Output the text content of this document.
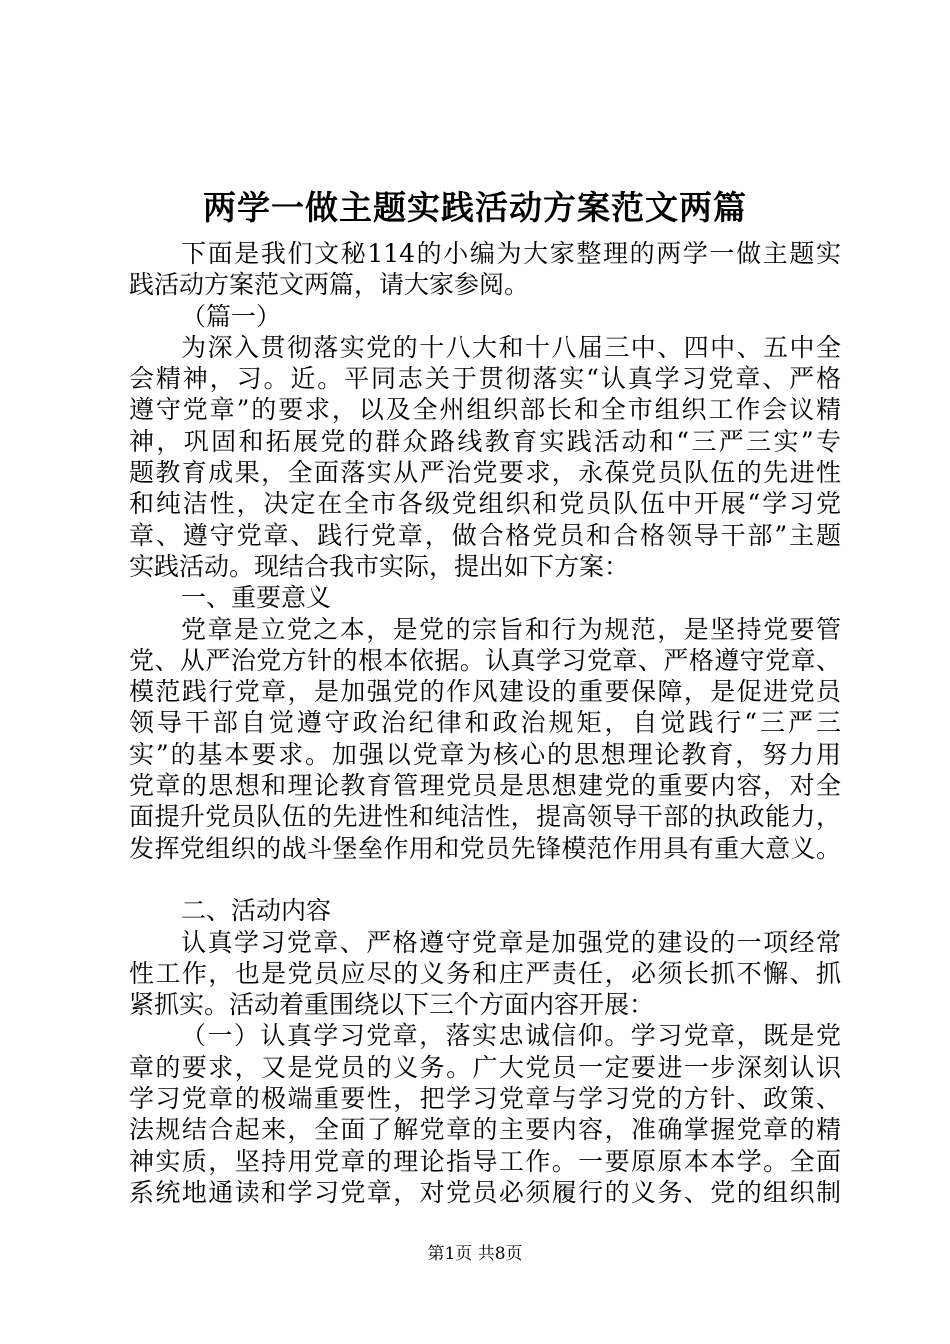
两学一做主题实践活动方案范文两篇
下面是我们文秘114的小编为大家整理的两学一做主题实
践活动方案范文两篇，请大家参阅。
（篇一）
为深入贯彻落实党的十八大和十八届三中、四中、五中全
会精神，习。近。平同志关于贯彻落实“认真学习党章、严格
遵守党章”的要求，以及全州组织部长和全市组织工作会议精
神，巩固和拓展党的群众路线教育实践活动和“三严三实”专
题教育成果，全面落实从严治党要求，永葆党员队伍的先进性
和纯洁性，决定在全市各级党组织和党员队伍中开展“学习党
章、遵守党章、践行党章，做合格党员和合格领导干部”主题
实践活动。现结合我市实际，提出如下方案：
一、重要意义
党章是立党之本，是党的宗旨和行为规范，是坚持党要管
党、从严治党方针的根本依据。认真学习党章、严格遵守党章、
模范践行党章，是加强党的作风建设的重要保障，是促进党员
领导干部自觉遵守政治纪律和政治规矩，自觉践行“三严三
实”的基本要求。加强以党章为核心的思想理论教育，努力用
党章的思想和理论教育管理党员是思想建党的重要内容，对全
面提升党员队伍的先进性和纯洁性，提高领导干部的执政能力，
发挥党组织的战斗堡垒作用和党员先锋模范作用具有重大意义。
二、活动内容
认真学习党章、严格遵守党章是加强党的建设的一项经常
性工作，也是党员应尽的义务和庄严责任，必须长抓不懈、抓
紧抓实。活动着重围绕以下三个方面内容开展：
（一）认真学习党章，落实忠诚信仰。学习党章，既是党
章的要求，又是党员的义务。广大党员一定要进一步深刻认识
学习党章的极端重要性，把学习党章与学习党的方针、政策、
法规结合起来，全面了解党章的主要内容，准确掌握党章的精
神实质，坚持用党章的理论指导工作。一要原原本本学。全面
系统地通读和学习党章，对党员必须履行的义务、党的组织制
第1页 共8页
